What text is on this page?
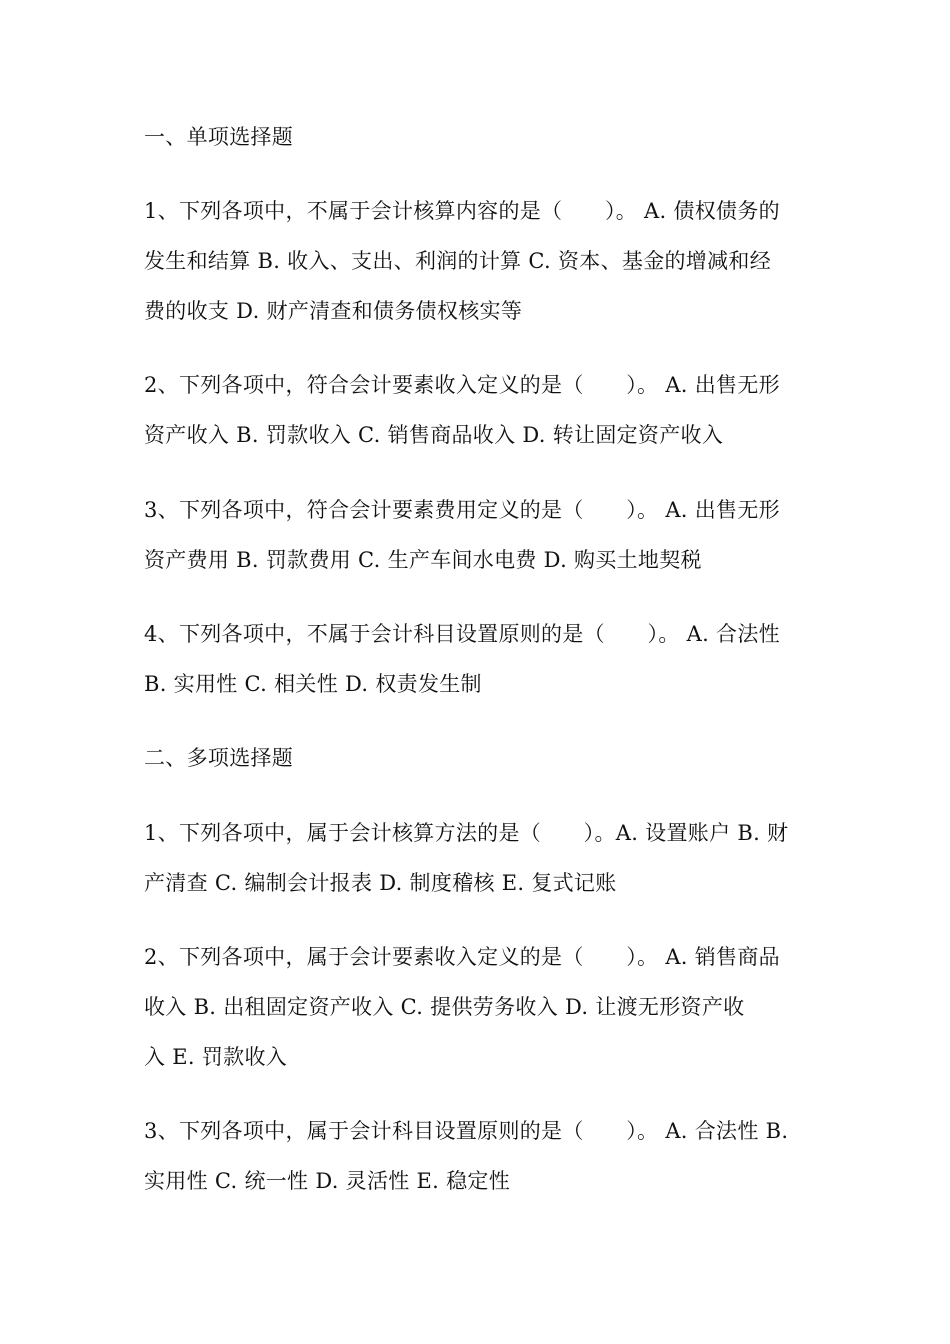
一、单项选择题
1、下列各项中，不属于会计核算内容的是（　　）。 A. 债权债务的
发生和结算 B. 收入、支出、利润的计算 C. 资本、基金的增减和经
费的收支 D. 财产清查和债务债权核实等
2、下列各项中，符合会计要素收入定义的是（　　）。 A. 出售无形
资产收入 B. 罚款收入 C. 销售商品收入 D. 转让固定资产收入
3、下列各项中，符合会计要素费用定义的是（　　）。 A. 出售无形
资产费用 B. 罚款费用 C. 生产车间水电费 D. 购买土地契税
4、下列各项中，不属于会计科目设置原则的是（　　）。 A. 合法性
B. 实用性 C. 相关性 D. 权责发生制
二、多项选择题
1、下列各项中，属于会计核算方法的是（　　）。A. 设置账户 B. 财
产清查 C. 编制会计报表 D. 制度稽核 E. 复式记账
2、下列各项中，属于会计要素收入定义的是（　　）。 A. 销售商品
收入 B. 出租固定资产收入 C. 提供劳务收入 D. 让渡无形资产收
入 E. 罚款收入
3、下列各项中，属于会计科目设置原则的是（　　）。 A. 合法性 B.
实用性 C. 统一性 D. 灵活性 E. 稳定性
